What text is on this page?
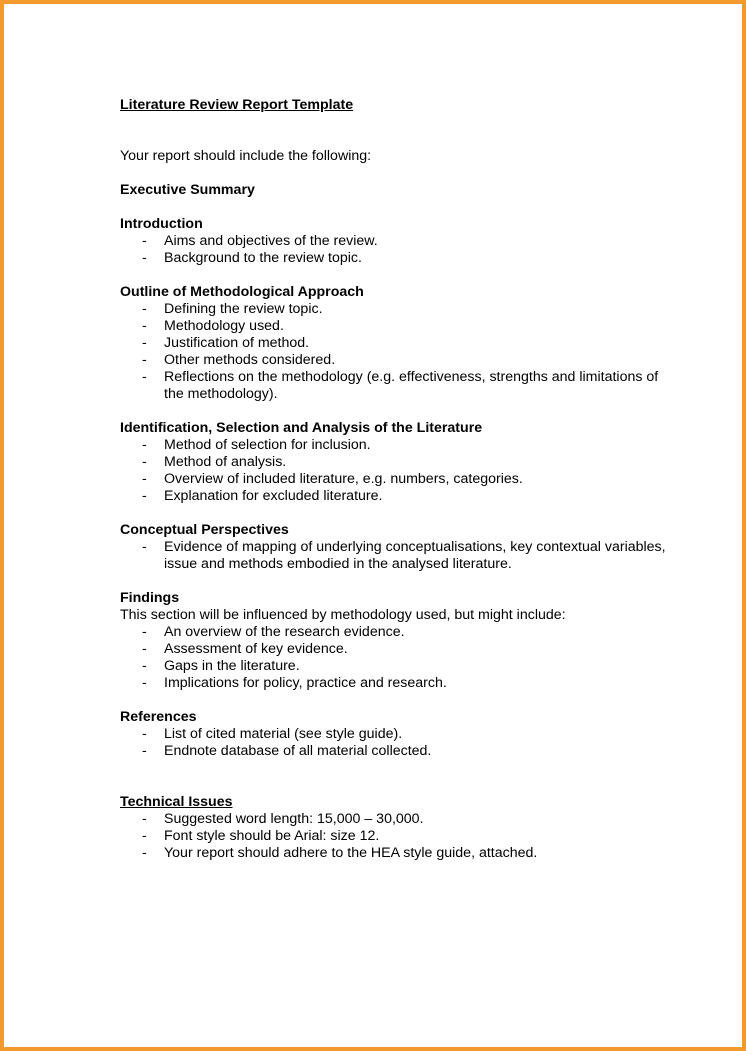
Literature Review Report Template
Your report should include the following:
Executive Summary
Introduction
- Aims and objectives of the review.
- Background to the review topic.
Outline of Methodological Approach
- Defining the review topic.
- Methodology used.
- Justification of method.
- Other methods considered.
- Reflections on the methodology (e.g. effectiveness, strengths and limitations of the methodology).
Identification, Selection and Analysis of the Literature
- Method of selection for inclusion.
- Method of analysis.
- Overview of included literature, e.g. numbers, categories.
- Explanation for excluded literature.
Conceptual Perspectives
- Evidence of mapping of underlying conceptualisations, key contextual variables, issue and methods embodied in the analysed literature.
Findings
This section will be influenced by methodology used, but might include:
- An overview of the research evidence.
- Assessment of key evidence.
- Gaps in the literature.
- Implications for policy, practice and research.
References
- List of cited material (see style guide).
- Endnote database of all material collected.
Technical Issues
- Suggested word length: 15,000 – 30,000.
- Font style should be Arial: size 12.
- Your report should adhere to the HEA style guide, attached.
